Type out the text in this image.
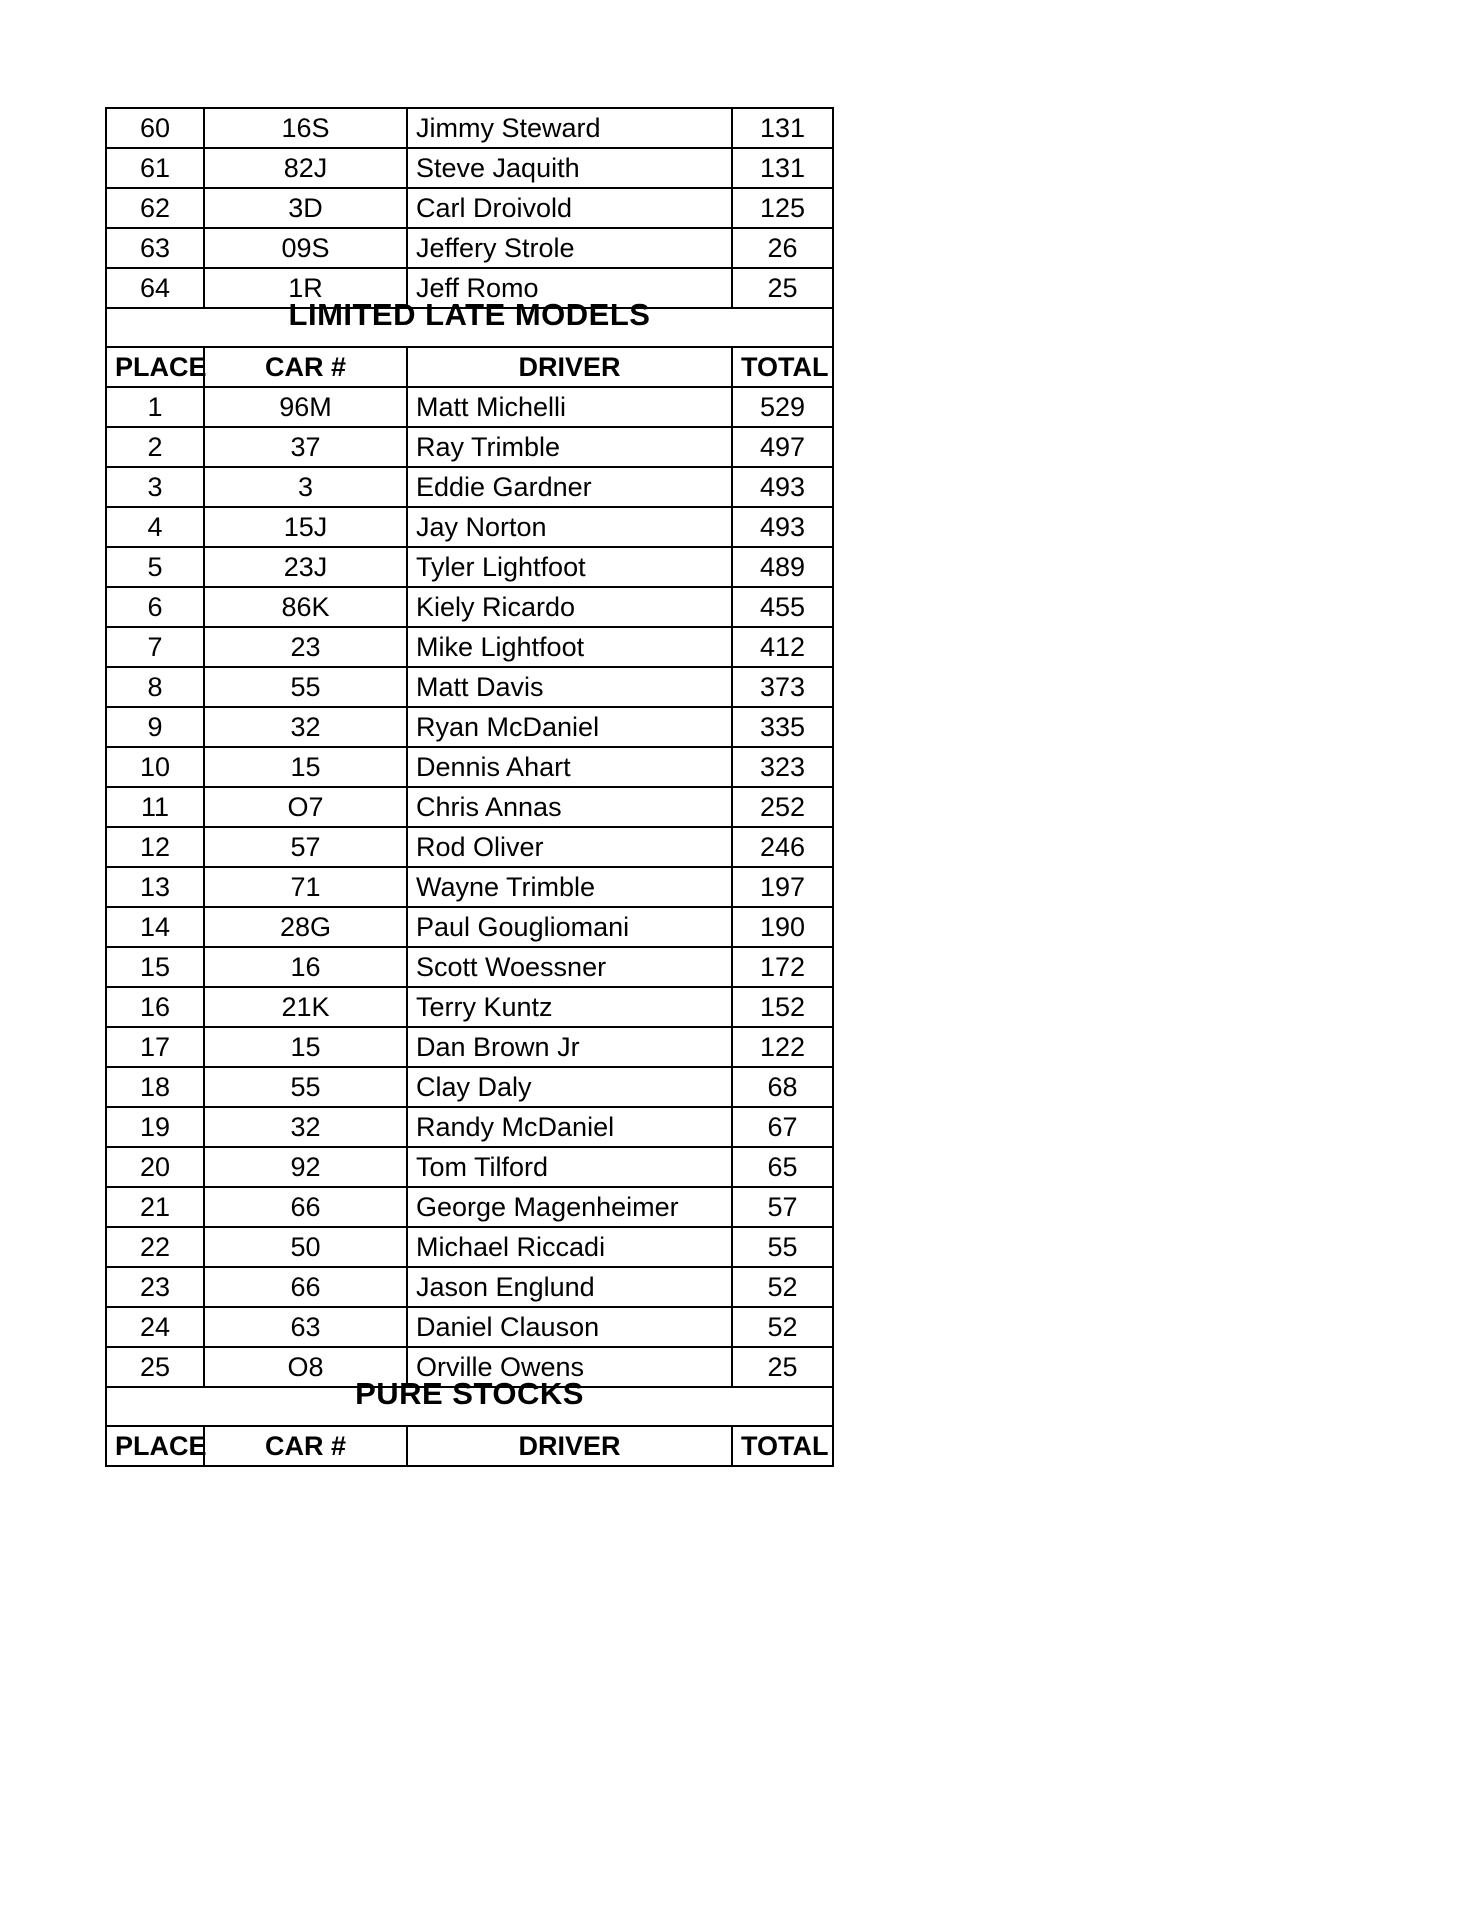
60	16S	Jimmy Steward	131
61	82J	Steve Jaquith	131
62	3D	Carl Droivold	125
63	09S	Jeffery Strole	26
64	1R	Jeff Romo	25
LIMITED LATE MODELS			
PLACE	CAR #	DRIVER	TOTAL
1	96M	Matt Michelli	529
2	37	Ray Trimble	497
3	3	Eddie Gardner	493
4	15J	Jay Norton	493
5	23J	Tyler Lightfoot	489
6	86K	Kiely Ricardo	455
7	23	Mike Lightfoot	412
8	55	Matt Davis	373
9	32	Ryan McDaniel	335
10	15	Dennis Ahart	323
11	O7	Chris Annas	252
12	57	Rod Oliver	246
13	71	Wayne Trimble	197
14	28G	Paul Gougliomani	190
15	16	Scott Woessner	172
16	21K	Terry Kuntz	152
17	15	Dan Brown Jr	122
18	55	Clay Daly	68
19	32	Randy McDaniel	67
20	92	Tom Tilford	65
21	66	George Magenheimer	57
22	50	Michael Riccadi	55
23	66	Jason Englund	52
24	63	Daniel Clauson	52
25	O8	Orville Owens	25
PURE STOCKS			
PLACE	CAR #	DRIVER	TOTAL
